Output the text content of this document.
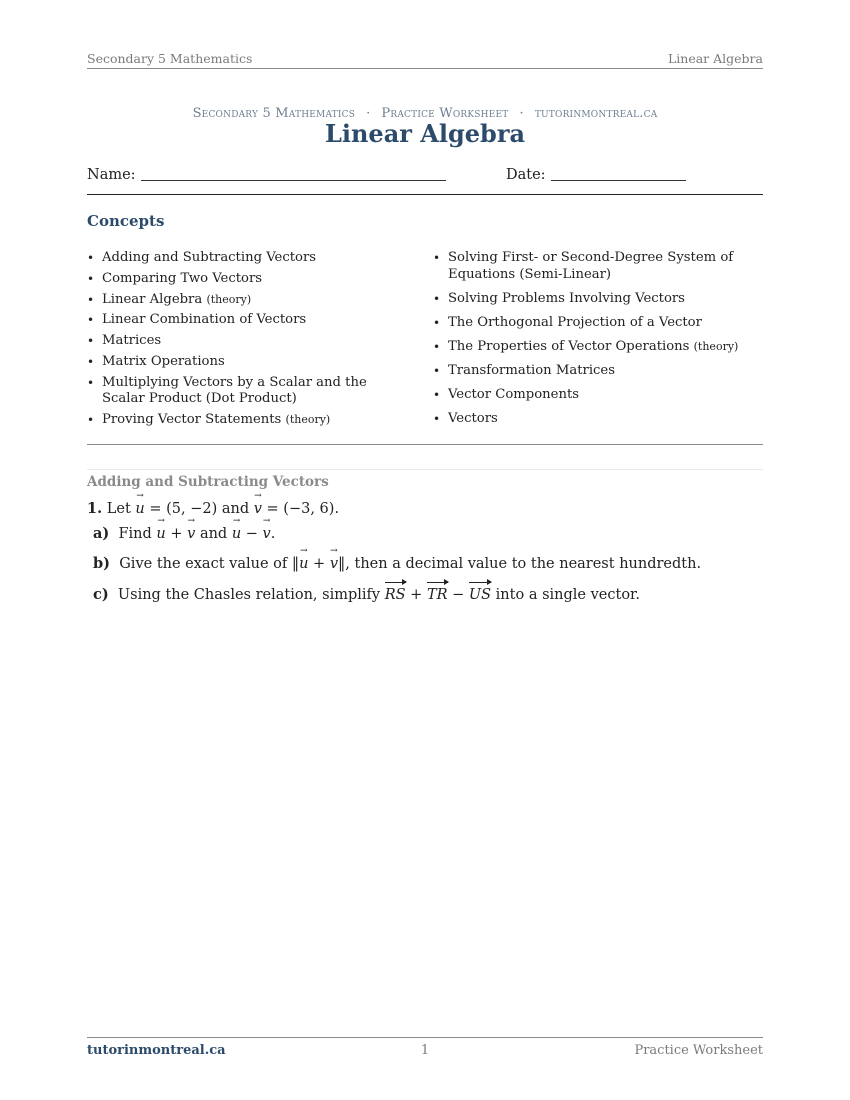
Secondary 5 Mathematics	Linear Algebra
Secondary 5 Mathematics · Practice Worksheet · tutorinmontreal.ca
Linear Algebra
Name:	Date:
Concepts
• Adding and Subtracting Vectors
• Comparing Two Vectors
• Linear Algebra (theory)
• Linear Combination of Vectors
• Matrices
• Matrix Operations
• Multiplying Vectors by a Scalar and the Scalar Product (Dot Product)
• Proving Vector Statements (theory)
• Solving First- or Second-Degree System of Equations (Semi-Linear)
• Solving Problems Involving Vectors
• The Orthogonal Projection of a Vector
• The Properties of Vector Operations (theory)
• Transformation Matrices
• Vector Components
• Vectors
Adding and Subtracting Vectors
1. Let u → = (5, −2) and v → = (−3, 6).
a)  Find u → + v → and u → − v →.
b)  Give the exact value of ‖u → + v →‖, then a decimal value to the nearest hundredth.
c)  Using the Chasles relation, simplify RS
+ TR
− US
into a single vector.
tutorinmontreal.ca	1	Practice Worksheet
